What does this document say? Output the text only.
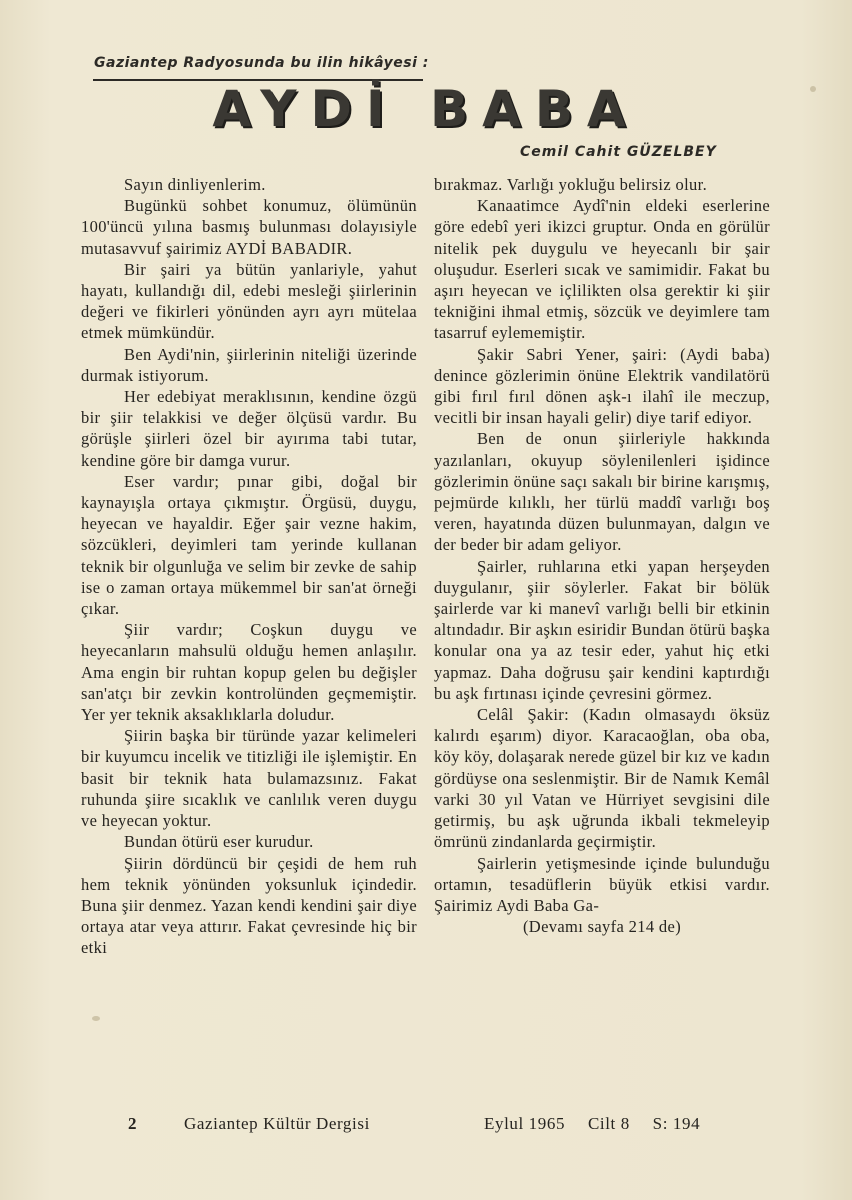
Gaziantep Radyosunda bu ilin hikâyesi :
AYDİ BABA
Cemil Cahit GÜZELBEY

Sayın dinliyenlerim.

Bugünkü sohbet konumuz, ölümünün 100'üncü yılına basmış bulunması dolayısiyle mutasavvuf şairimiz AYDİ BABADIR.

Bir şairi ya bütün yanlariyle, yahut hayatı, kullandığı dil, edebi mesleği şiirlerinin değeri ve fikirleri yönünden ayrı ayrı mütelaa etmek mümkündür.

Ben Aydi'nin, şiirlerinin niteliği üzerinde durmak istiyorum.

Her edebiyat meraklısının, kendine özgü bir şiir telakkisi ve değer ölçüsü vardır. Bu görüşle şiirleri özel bir ayırıma tabi tutar, kendine göre bir damga vurur.

Eser vardır; pınar gibi, doğal bir kaynayışla ortaya çıkmıştır. Örgüsü, duygu, heyecan ve hayaldir. Eğer şair vezne hakim, sözcükleri, deyimleri tam yerinde kullanan teknik bir olgunluğa ve selim bir zevke de sahip ise o zaman ortaya mükemmel bir san'at örneği çıkar.

Şiir vardır; Coşkun duygu ve heyecanların mahsulü olduğu hemen anlaşılır. Ama engin bir ruhtan kopup gelen bu değişler san'atçı bir zevkin kontrolünden geçmemiştir. Yer yer teknik aksaklıklarla doludur.

Şiirin başka bir türünde yazar kelimeleri bir kuyumcu incelik ve titizliği ile işlemiştir. En basit bir teknik hata bulamazsınız. Fakat ruhunda şiire sıcaklık ve canlılık veren duygu ve heyecan yoktur.

Bundan ötürü eser kurudur.

Şiirin dördüncü bir çeşidi de hem ruh hem teknik yönünden yoksunluk içindedir. Buna şiir denmez. Yazan kendi kendini şair diye ortaya atar veya attırır. Fakat çevresinde hiç bir etki

bırakmaz. Varlığı yokluğu belirsiz olur.

Kanaatimce Aydî'nin eldeki eserlerine göre edebî yeri ikizci gruptur. Onda en görülür nitelik pek duygulu ve heyecanlı bir şair oluşudur. Eserleri sıcak ve samimidir. Fakat bu aşırı heyecan ve içlilikten olsa gerektir ki şiir tekniğini ihmal etmiş, sözcük ve deyimlere tam tasarruf eylememiştir.

Şakir Sabri Yener, şairi: (Aydi baba) denince gözlerimin önüne Elektrik vandilatörü gibi fırıl fırıl dönen aşk-ı ilahî ile meczup, vecitli bir insan hayali gelir) diye tarif ediyor.

Ben de onun şiirleriyle hakkında yazılanları, okuyup söylenilenleri işidince gözlerimin önüne saçı sakalı bir birine karışmış, pejmürde kılıklı, her türlü maddî varlığı boş veren, hayatında düzen bulunmayan, dalgın ve der beder bir adam geliyor.

Şairler, ruhlarına etki yapan herşeyden duygulanır, şiir söylerler. Fakat bir bölük şairlerde var ki manevî varlığı belli bir etkinin altındadır. Bir aşkın esiridir Bundan ötürü başka konular ona ya az tesir eder, yahut hiç etki yapmaz. Daha doğrusu şair kendini kaptırdığı bu aşk fırtınası içinde çevresini görmez.

Celâl Şakir: (Kadın olmasaydı öksüz kalırdı eşarım) diyor. Karacaoğlan, oba oba, köy köy, dolaşarak nerede güzel bir kız ve kadın gördüyse ona seslenmiştir. Bir de Namık Kemâl varki 30 yıl Vatan ve Hürriyet sevgisini dile getirmiş, bu aşk uğrunda ikbali tekmeleyip ömrünü zindanlarda geçirmiştir.

Şairlerin yetişmesinde içinde bulunduğu ortamın, tesadüflerin büyük etkisi vardır. Şairimiz Aydi Baba Ga-

(Devamı sayfa 214 de)

2	Gaziantep Kültür Dergisi	Eylul 1965 Cilt 8 S: 194
